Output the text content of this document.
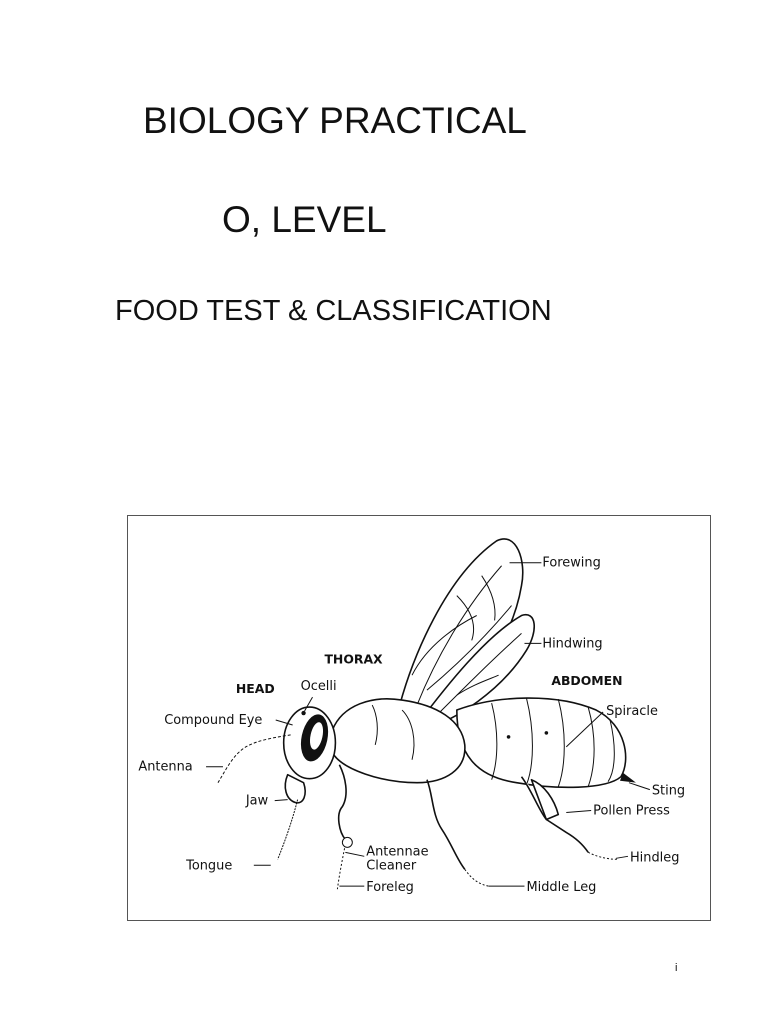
BIOLOGY PRACTICAL
O, LEVEL
FOOD TEST & CLASSIFICATION
HEAD
THORAX
ABDOMEN
Forewing
Hindwing
Spiracle
Sting
Pollen Press
Hindleg
Middle Leg
Foreleg
Antennae
Cleaner
Tongue
Jaw
Antenna
Compound Eye
Ocelli
i
